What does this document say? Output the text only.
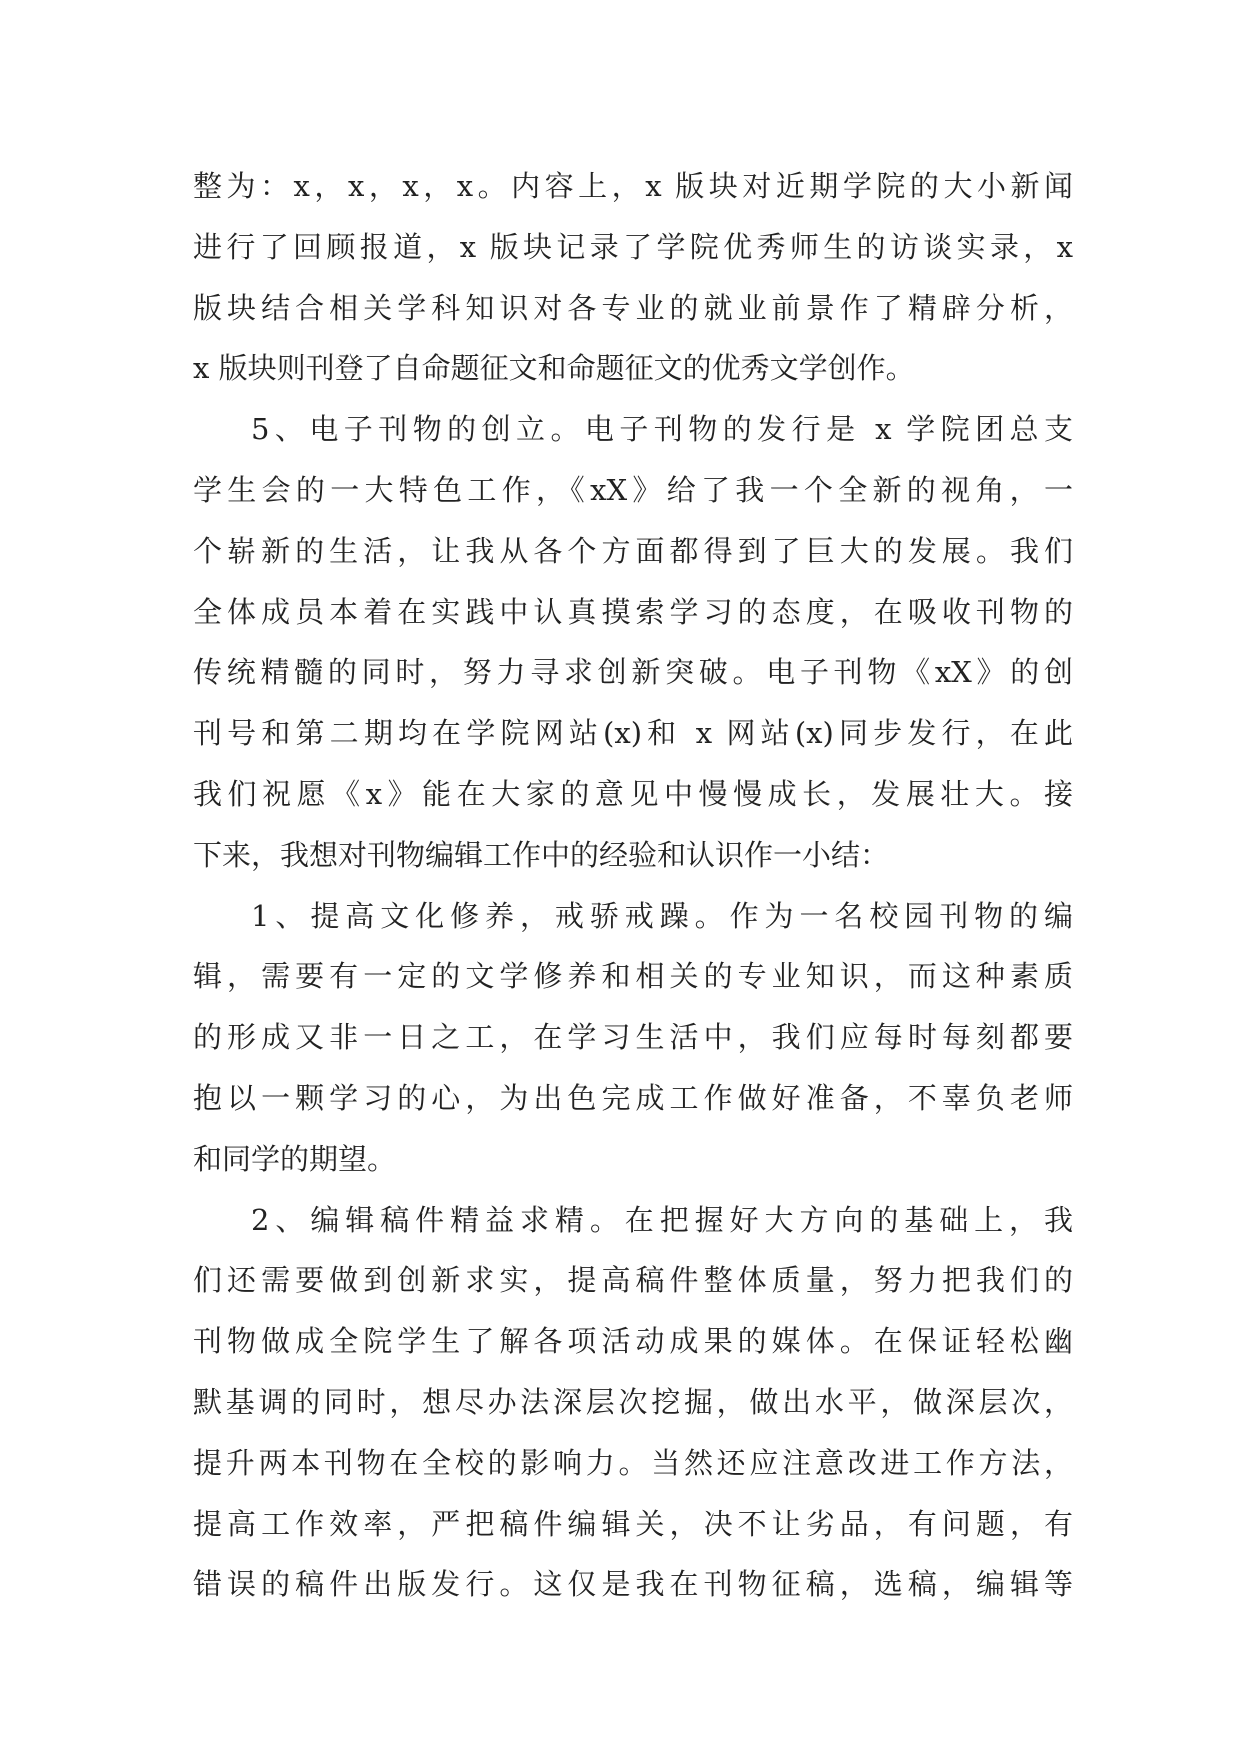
整为：x，x，x，x。内容上，x 版块对近期学院的大小新闻
进行了回顾报道，x 版块记录了学院优秀师生的访谈实录，x
版块结合相关学科知识对各专业的就业前景作了精辟分析，
x 版块则刊登了自命题征文和命题征文的优秀文学创作。
5、电子刊物的创立。电子刊物的发行是 x 学院团总支
学生会的一大特色工作，《xX》给了我一个全新的视角，一
个崭新的生活，让我从各个方面都得到了巨大的发展。我们
全体成员本着在实践中认真摸索学习的态度，在吸收刊物的
传统精髓的同时，努力寻求创新突破。电子刊物《xX》的创
刊号和第二期均在学院网站(x)和 x 网站(x)同步发行，在此
我们祝愿《x》能在大家的意见中慢慢成长，发展壮大。接
下来，我想对刊物编辑工作中的经验和认识作一小结：
1、提高文化修养，戒骄戒躁。作为一名校园刊物的编
辑，需要有一定的文学修养和相关的专业知识，而这种素质
的形成又非一日之工，在学习生活中，我们应每时每刻都要
抱以一颗学习的心，为出色完成工作做好准备，不辜负老师
和同学的期望。
2、编辑稿件精益求精。在把握好大方向的基础上，我
们还需要做到创新求实，提高稿件整体质量，努力把我们的
刊物做成全院学生了解各项活动成果的媒体。在保证轻松幽
默基调的同时，想尽办法深层次挖掘，做出水平，做深层次，
提升两本刊物在全校的影响力。当然还应注意改进工作方法，
提高工作效率，严把稿件编辑关，决不让劣品，有问题，有
错误的稿件出版发行。这仅是我在刊物征稿，选稿，编辑等
